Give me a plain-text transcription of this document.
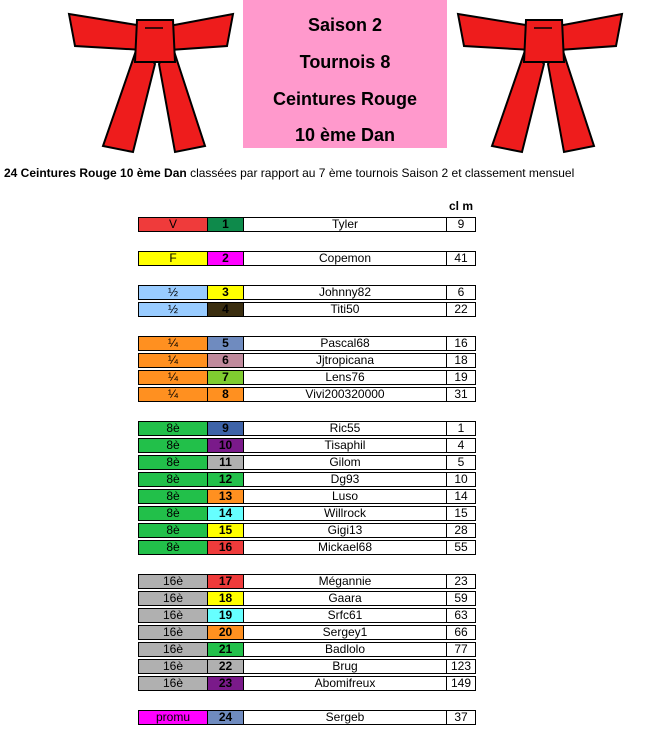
Saison 2
Tournois 8
Ceintures Rouge
10 ème Dan
24 Ceintures Rouge 10 ème Dan classées par rapport au 7 ème tournois Saison 2 et classement mensuel
cl m
V	1	Tyler	9
F	2	Copemon	41
½	3	Johnny82	6
½	4	Titi50	22
¼	5	Pascal68	16
¼	6	Jjtropicana	18
¼	7	Lens76	19
¼	8	Vivi200320000	31
8è	9	Ric55	1
8è	10	Tisaphil	4
8è	11	Gilom	5
8è	12	Dg93	10
8è	13	Luso	14
8è	14	Willrock	15
8è	15	Gigi13	28
8è	16	Mickael68	55
16è	17	Mégannie	23
16è	18	Gaara	59
16è	19	Srfc61	63
16è	20	Sergey1	66
16è	21	Badlolo	77
16è	22	Brug	123
16è	23	Abomifreux	149
promu	24	Sergeb	37
